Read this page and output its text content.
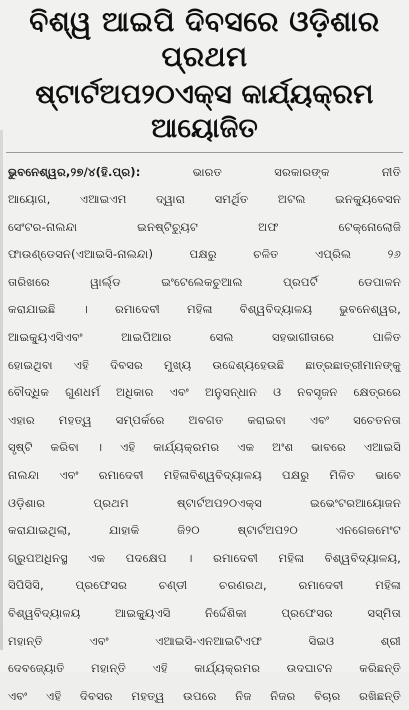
ବିଶ୍ୱ ଆଇପି ଦିବସରେ ଓଡ଼ିଶାର ପ୍ରଥମ
ଷ୍ଟାର୍ଟଅପ୨୦ଏକ୍ସ କାର୍ଯ୍ୟକ୍ରମ ଆୟୋଜିତ
ଭୁବନେଶ୍ୱର,୨୭/୪(ହି.ପ୍ର):	ଭାରତ ସରକାରଙ୍କ ନୀତି
ଆୟୋଗ, ଏଆଇଏମ ଦ୍ୱାରା ସମର୍ଥିତ ଅଟଲ ଇନକ୍ୟୁବେସନ
ସେଂଟର-ନାଲନ୍ଦା ଇନଷ୍ଟିଚ୍ୟୁଟ ଅଫ ଟେକ୍ନୋଲୋଜି
ଫାଉଣ୍ଡେସନ(ଏଆଇସି-ନାଲନ୍ଦା) ପକ୍ଷରୁ ଚଳିତ ଏପ୍ରିଲ ୨୬
ତାରିଖରେ ୱାର୍ଲ୍ଡ ଇଂଟେଲେକଚୁଆଲ ପ୍ରପର୍ଟି ଡେପାଳନ
କରାଯାଇଛି । ରମାଦେବୀ ମହିଳା ବିଶ୍ୱବିଦ୍ୟାଳୟ ଭୁବନେଶ୍ୱର,
ଆଇକ୍ୟୁଏସିଏବଂ ଆଇପିଆର ସେଲ ସହଭାଗୀତାରେ ପାଳିତ
ହୋଇଥିବା ଏହି ଦିବସର ମୁଖ୍ୟ ଉଦ୍ଦେଶ୍ୟହେଉଛି ଛାତ୍ରଛାତ୍ରୀମାନଙ୍କୁ
ବୌଦ୍ଧିକ ଗୁଣଧର୍ମ ଅଧିକାର ଏବଂ ଅନୁସନ୍ଧାନ ଓ ନବସୃଜନ କ୍ଷେତ୍ରରେ
ଏହାର ମହତ୍ୱ ସମ୍ପର୍କରେ ଅବଗତ କରାଇବା ଏବଂ ସଚେତନତା
ସୃଷ୍ଟି କରିବା । ଏହି କାର୍ଯ୍ୟକ୍ରମର ଏକ ଅଂଶ ଭାବରେ ଏଆଇସି
ନାଲନ୍ଦା ଏବଂ ରମାଦେବୀ ମହିଳାବିଶ୍ୱବିଦ୍ୟାଳୟ ପକ୍ଷରୁ ମିଳିତ ଭାବେ
ଓଡ଼ିଶାର ପ୍ରଥମ ଷ୍ଟାର୍ଟଅପ୨୦ଏକ୍ସ ଇଭେଂଟରଆୟୋଜନ
କରାଯାଇଥିଲା, ଯାହାକି ଜି୨୦ ଷ୍ଟାର୍ଟଅପ୨୦ ଏନଗେଜମେଂଟ
ଗ୍ରୁପଅଧିନସ୍ଥ ଏକ ପଦକ୍ଷେପ । ରମାଦେବୀ ମହିଳା ବିଶ୍ୱବିଦ୍ୟାଳୟ,
ସିପିସିସି, ପ୍ରଫେସର ଚଣ୍ଡୀ ଚରଣରଥ, ରମାଦେବୀ ମହିଳା
ବିଶ୍ୱବିଦ୍ୟାଳୟ ଆଇକ୍ୟୁଏସି ନିର୍ଦ୍ଦେଶିକା ପ୍ରଫେସର ସସ୍ମିତା
ମହାନ୍ତି ଏବଂ ଏଆଇସି-ଏନଆଇଟିଏଫ ସିଇଓ ଶ୍ରୀ
ଦେବଜ୍ୟୋତି ମହାନ୍ତି ଏହି କାର୍ଯ୍ୟକ୍ରମର ଉଦଘାଟନ କରିଛନ୍ତି
ଏବଂ ଏହି ଦିବସର ମହତ୍ୱ ଉପରେ ନିଜ ନିଜର ବିଚାର ରଖିଛନ୍ତି
